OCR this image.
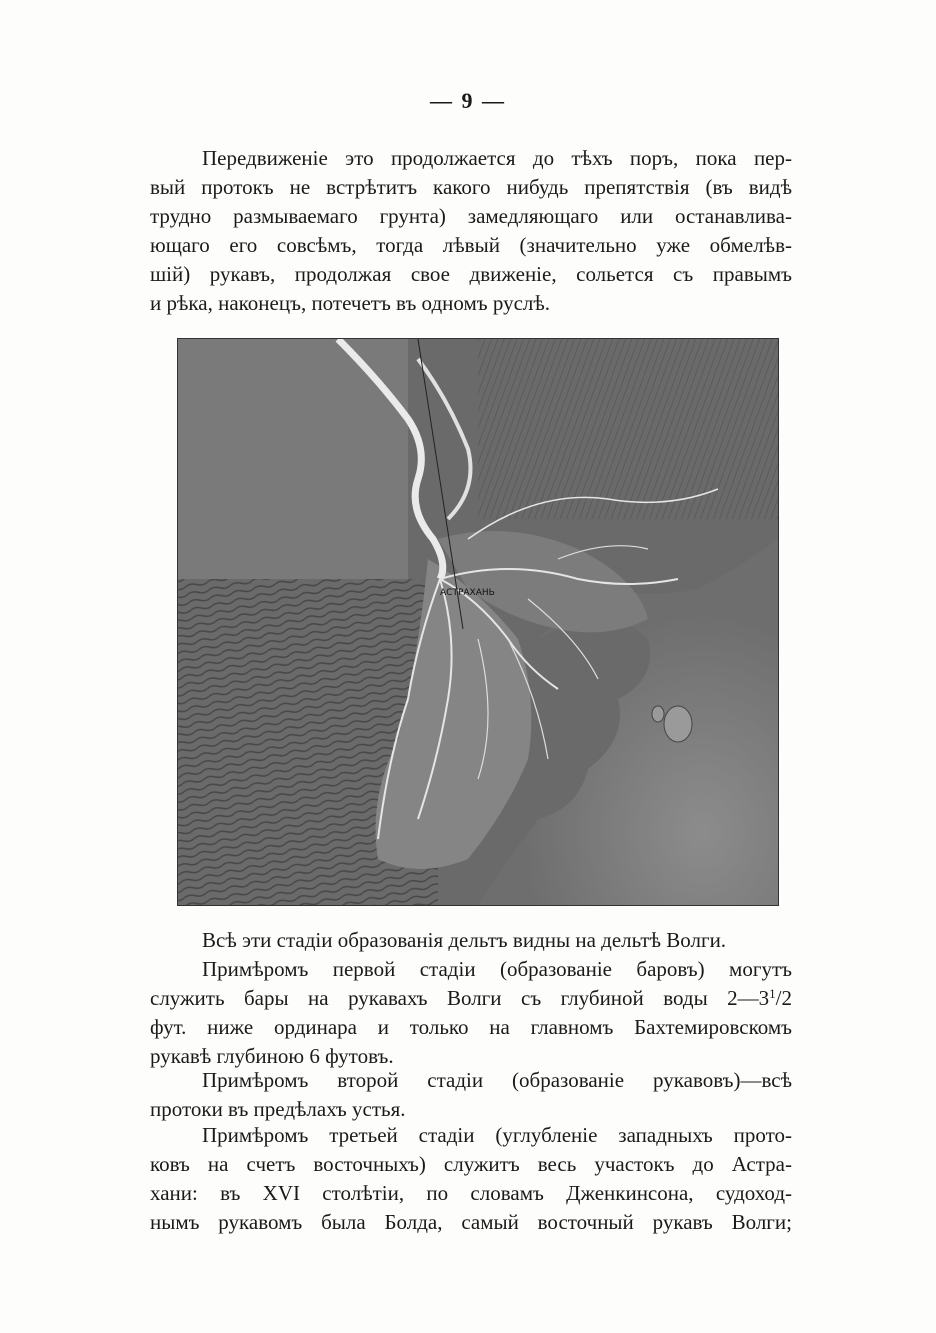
— 9 —
Передвиженіе это продолжается до тѣхъ поръ, пока пер-
вый протокъ не встрѣтитъ какого нибудь препятствія (въ видѣ
трудно размываемаго грунта) замедляющаго или останавлива-
ющаго его совсѣмъ, тогда лѣвый (значительно уже обмелѣв-
шій) рукавъ, продолжая свое движеніе, сольется съ правымъ
и рѣка, наконецъ, потечетъ въ одномъ руслѣ.
АСТРАХАНЬ
Всѣ эти стадіи образованія дельтъ видны на дельтѣ Волги.
Примѣромъ первой стадіи (образованіе баровъ) могутъ
служить бары на рукавахъ Волги съ глубиной воды $2—3^1/2$
фут. ниже ординара и только на главномъ Бахтемировскомъ
рукавѣ глубиною 6 футовъ.
Примѣромъ второй стадіи (образованіе рукавовъ)—всѣ
протоки въ предѣлахъ устья.
Примѣромъ третьей стадіи (углубленіе западныхъ прото-
ковъ на счетъ восточныхъ) служитъ весь участокъ до Астра-
хани: въ XVI столѣтіи, по словамъ Дженкинсона, судоход-
нымъ рукавомъ была Болда, самый восточный рукавъ Волги;
